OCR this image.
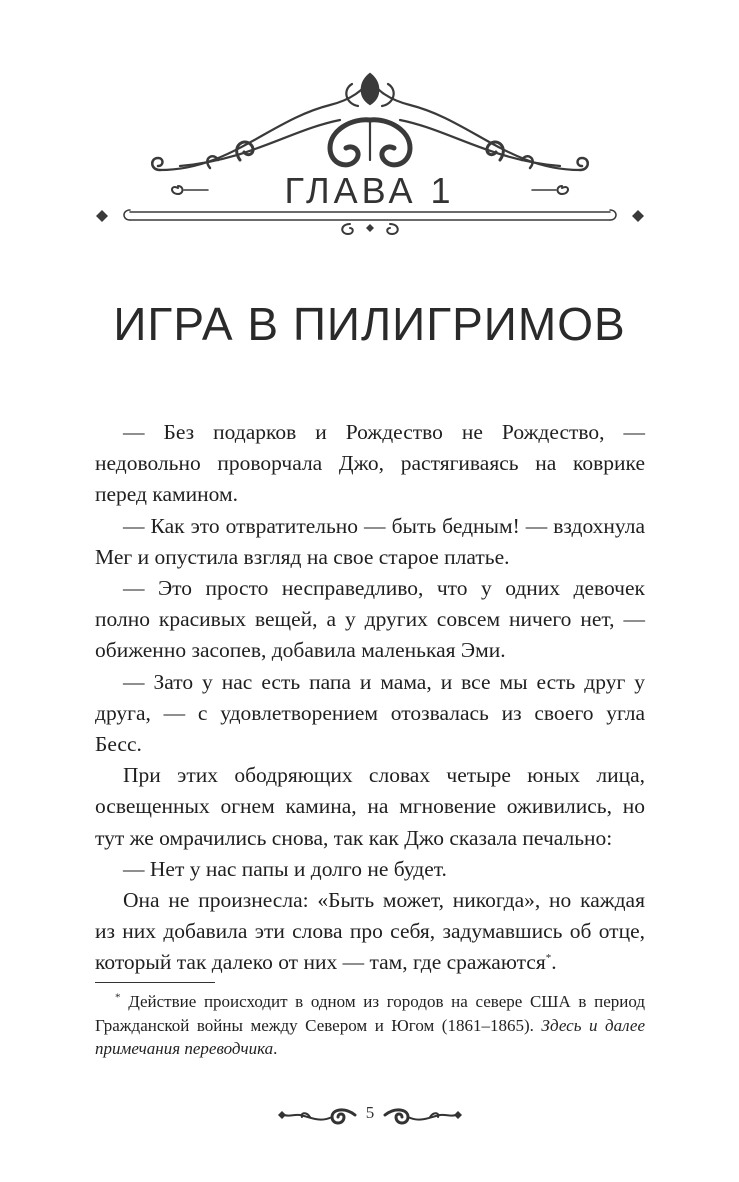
ГЛАВА 1
ИГРА В ПИЛИГРИМОВ

— Без подарков и Рождество не Рождество, — недовольно проворчала Джо, растягиваясь на коврике перед камином.

— Как это отвратительно — быть бедным! — вздохнула Мег и опустила взгляд на свое старое платье.

— Это просто несправедливо, что у одних девочек полно красивых вещей, а у других совсем ничего нет, — обиженно засопев, добавила маленькая Эми.

— Зато у нас есть папа и мама, и все мы есть друг у друга, — с удовлетворением отозвалась из своего угла Бесс.

При этих ободряющих словах четыре юных лица, освещенных огнем камина, на мгновение оживились, но тут же омрачились снова, так как Джо сказала печально:

— Нет у нас папы и долго не будет.

Она не произнесла: «Быть может, никогда», но каждая из них добавила эти слова про себя, задумавшись об отце, который так далеко от них — там, где сражаются*.

* Действие происходит в одном из городов на севере США в период Гражданской войны между Севером и Югом (1861–1865). Здесь и далее примечания переводчика.

5
